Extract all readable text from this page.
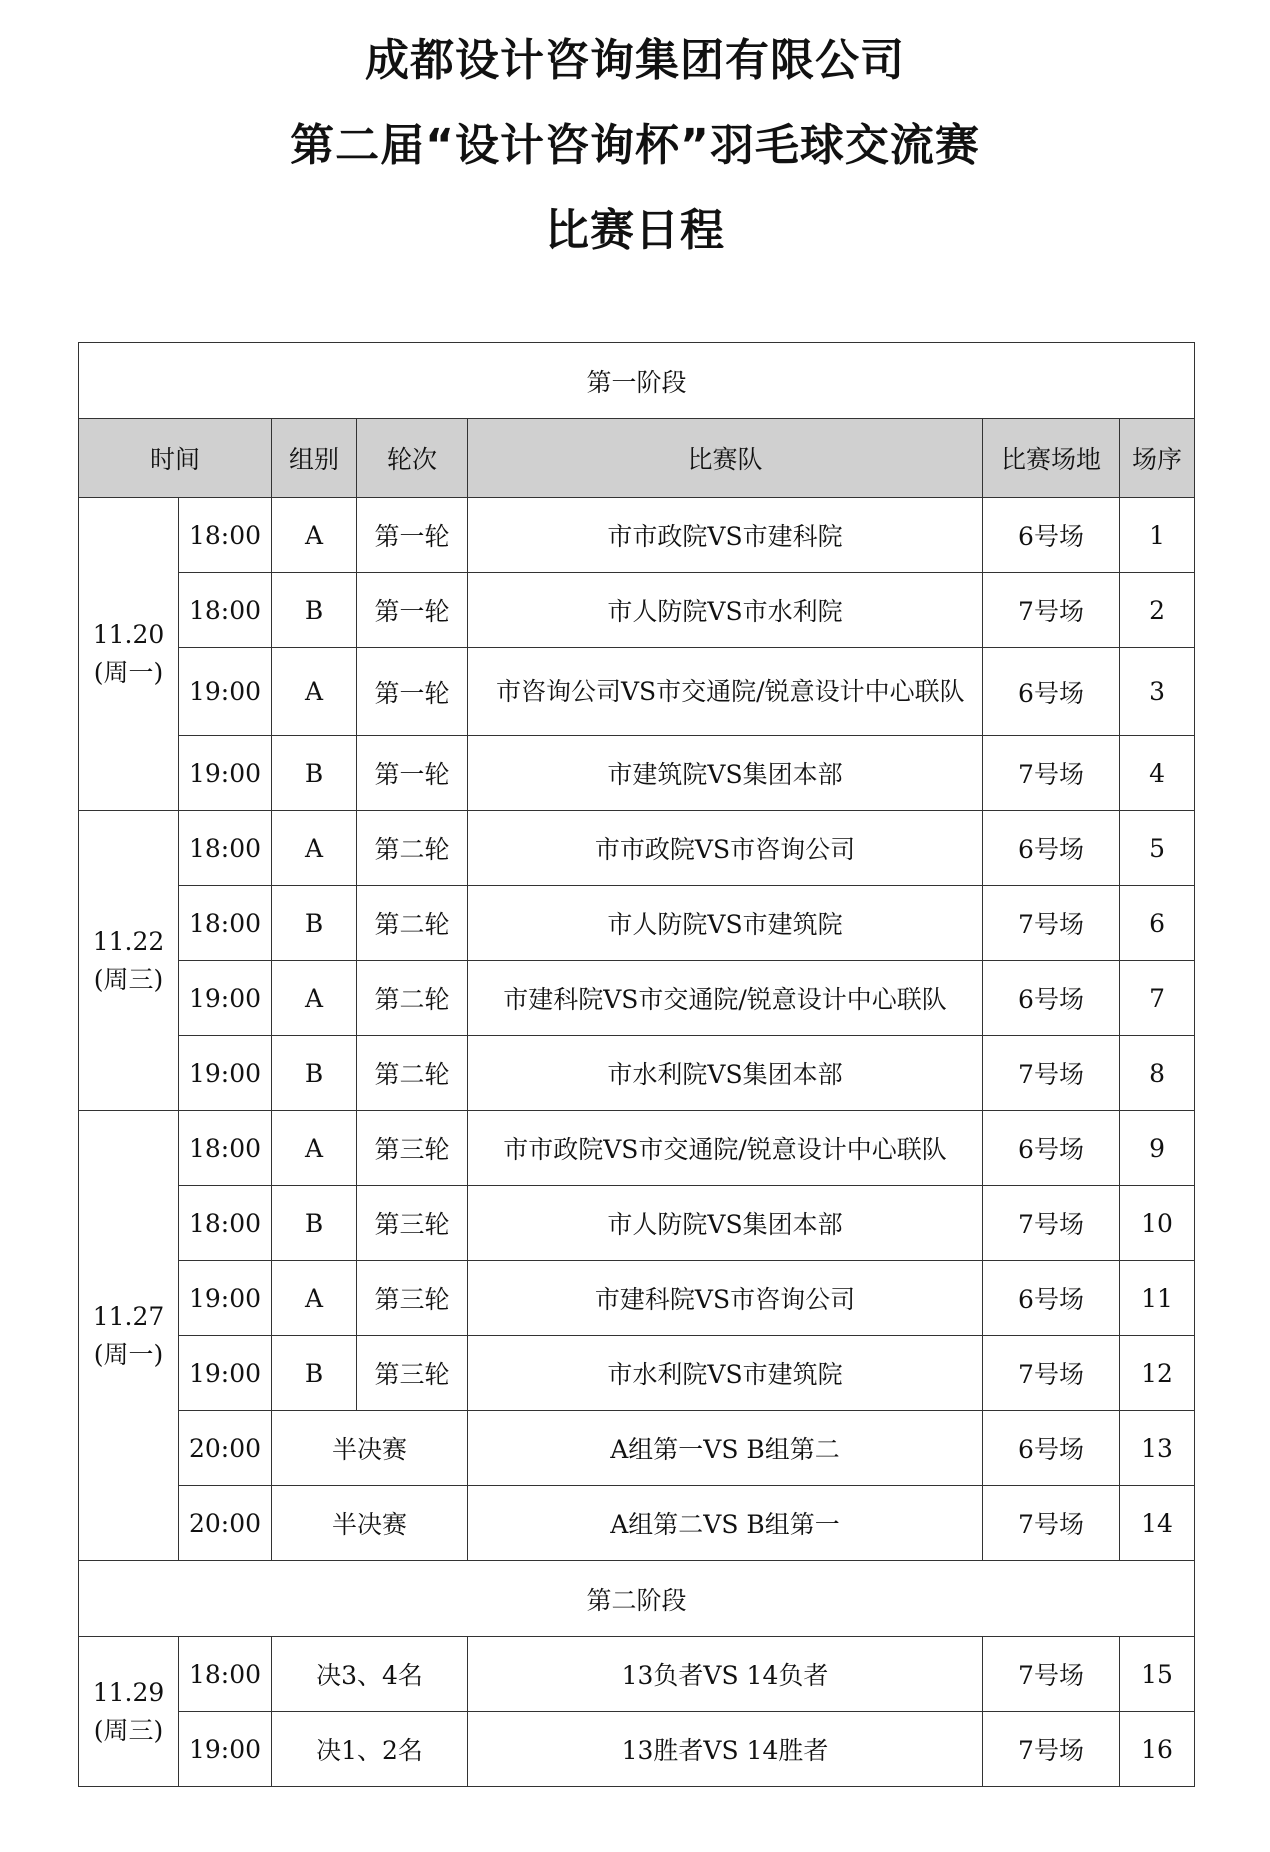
成都设计咨询集团有限公司
第二届“设计咨询杯”羽毛球交流赛
比赛日程
第一阶段						
时间		组别	轮次	比赛队	比赛场地	场序

11.20
(周一)	18:00	A	第一轮	市市政院VS市建科院	6号场	1
	18:00	B	第一轮	市人防院VS市水利院	7号场	2
	19:00	A	第一轮	市咨询公司VS市交通院/锐意设计中心联队	6号场	3
	19:00	B	第一轮	市建筑院VS集团本部	7号场	4

11.22
(周三)	18:00	A	第二轮	市市政院VS市咨询公司	6号场	5
	18:00	B	第二轮	市人防院VS市建筑院	7号场	6
	19:00	A	第二轮	市建科院VS市交通院/锐意设计中心联队	6号场	7
	19:00	B	第二轮	市水利院VS集团本部	7号场	8

11.27
(周一)	18:00	A	第三轮	市市政院VS市交通院/锐意设计中心联队	6号场	9
	18:00	B	第三轮	市人防院VS集团本部	7号场	10
	19:00	A	第三轮	市建科院VS市咨询公司	6号场	11
	19:00	B	第三轮	市水利院VS市建筑院	7号场	12
	20:00	半决赛		A组第一VS B组第二	6号场	13
	20:00	半决赛		A组第二VS B组第一	7号场	14
第二阶段						

11.29
(周三)	18:00	决3、4名		13负者VS 14负者	7号场	15
	19:00	决1、2名		13胜者VS 14胜者	7号场	16
